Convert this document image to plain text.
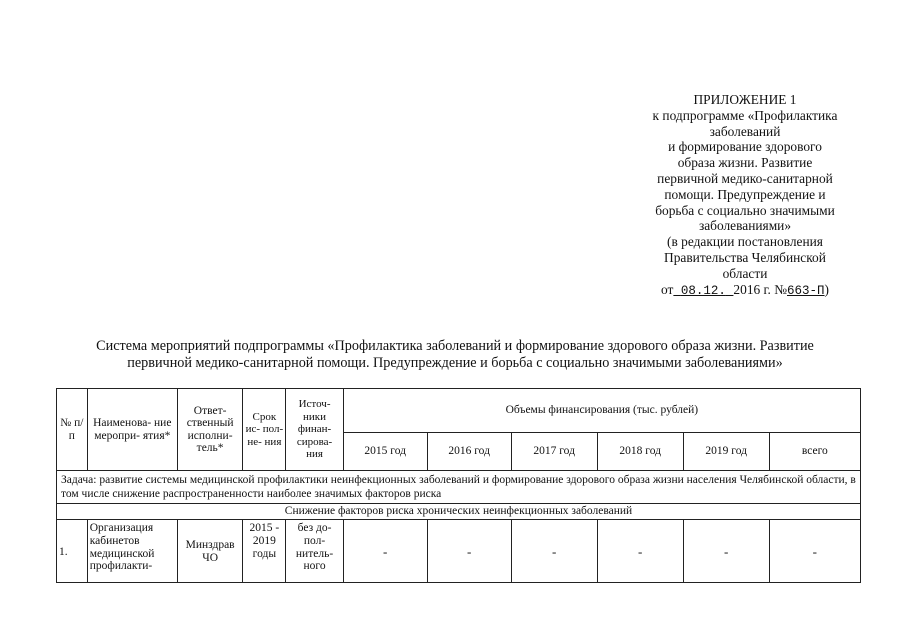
ПРИЛОЖЕНИЕ 1
к подпрограмме «Профилактика
заболеваний
и формирование здорового
образа жизни. Развитие
первичной медико-санитарной
помощи. Предупреждение и
борьба с социально значимыми
заболеваниями»
(в редакции постановления
Правительства Челябинской
области
от 08.12. 2016 г. №663-П)
Система мероприятий подпрограммы «Профилактика заболеваний и формирование здорового образа жизни. Развитие
первичной медико-санитарной помощи. Предупреждение и борьба с социально значимыми заболеваниями»
№ п/ п	Наименова- ние меропри- ятия*	Ответ- ственный исполни- тель*	Срок ис- пол- не- ния	Источ- ники финан- сирова- ния	Объемы финансирования (тыс. рублей)					
					2015 год	2016 год	2017 год	2018 год	2019 год	всего
Задача: развитие системы медицинской профилактики неинфекционных заболеваний и формирование здорового образа жизни населения Челябинской области, в том числе снижение распространенности наиболее значимых факторов риска										
Снижение факторов риска хронических неинфекционных заболеваний										
1.	Организация кабинетов медицинской профилакти-	Минздрав ЧО	2015 - 2019 годы	без до- пол- нитель- ного	-	-	-	-	-	-
